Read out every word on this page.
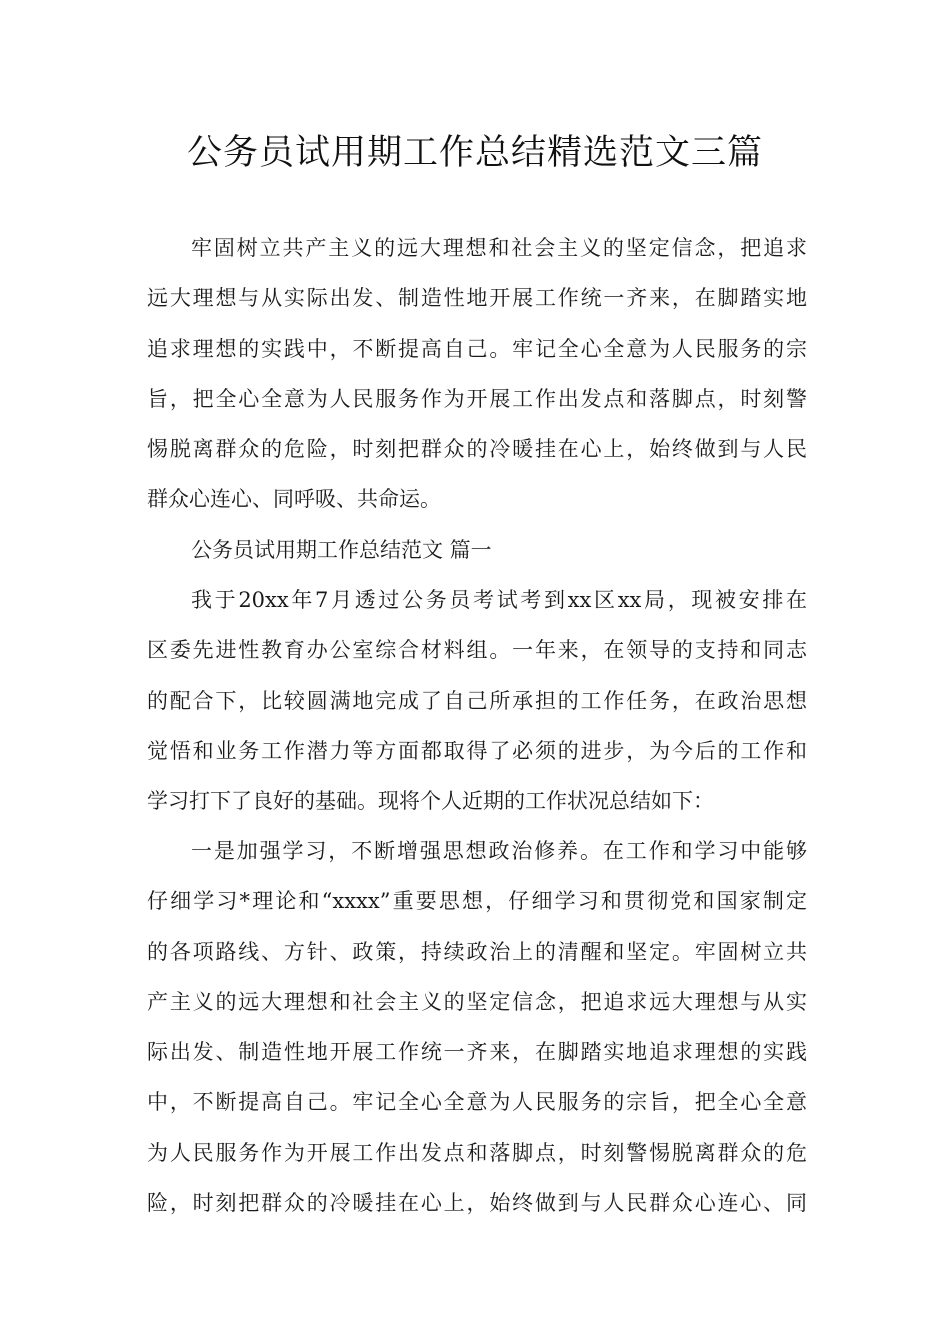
公务员试用期工作总结精选范文三篇
牢固树立共产主义的远大理想和社会主义的坚定信念，把追求
远大理想与从实际出发、制造性地开展工作统一齐来，在脚踏实地
追求理想的实践中，不断提高自己。牢记全心全意为人民服务的宗
旨，把全心全意为人民服务作为开展工作出发点和落脚点，时刻警
惕脱离群众的危险，时刻把群众的冷暖挂在心上，始终做到与人民
群众心连心、同呼吸、共命运。

公务员试用期工作总结范文 篇一

我于20xx年7月透过公务员考试考到xx区xx局，现被安排在
区委先进性教育办公室综合材料组。一年来，在领导的支持和同志
的配合下，比较圆满地完成了自己所承担的工作任务，在政治思想
觉悟和业务工作潜力等方面都取得了必须的进步，为今后的工作和
学习打下了良好的基础。现将个人近期的工作状况总结如下：
一是加强学习，不断增强思想政治修养。在工作和学习中能够
仔细学习*理论和“xxxx”重要思想，仔细学习和贯彻党和国家制定
的各项路线、方针、政策，持续政治上的清醒和坚定。牢固树立共
产主义的远大理想和社会主义的坚定信念，把追求远大理想与从实
际出发、制造性地开展工作统一齐来，在脚踏实地追求理想的实践
中，不断提高自己。牢记全心全意为人民服务的宗旨，把全心全意
为人民服务作为开展工作出发点和落脚点，时刻警惕脱离群众的危
险，时刻把群众的冷暖挂在心上，始终做到与人民群众心连心、同
